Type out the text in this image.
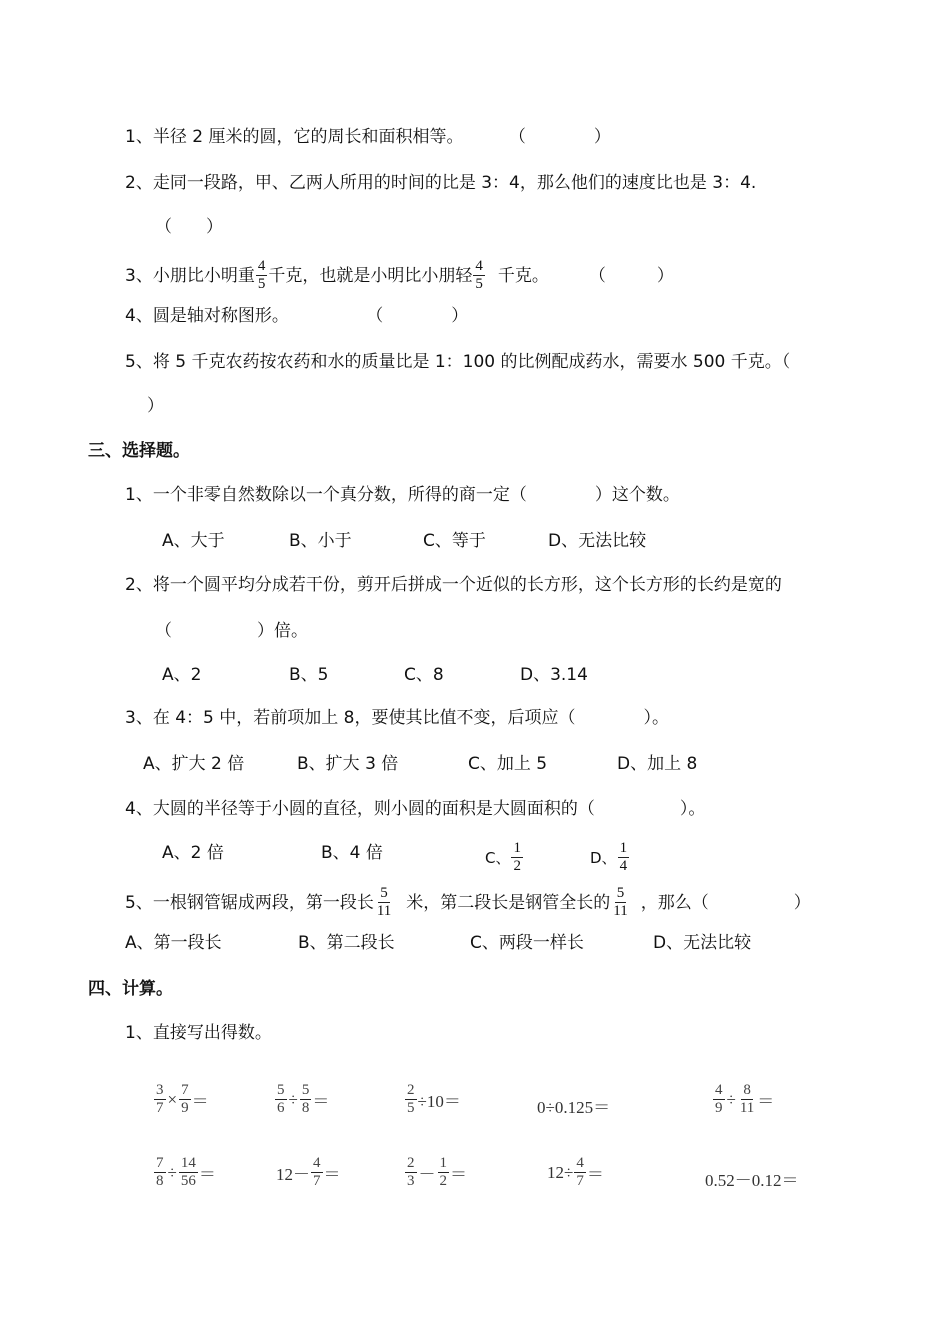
1、半径 2 厘米的圆，它的周长和面积相等。	（　　　　）
2、走同一段路，甲、乙两人所用的时间的比是 3：4，那么他们的速度比也是 3：4.
（　　）
3、小朋比小明重 $\frac{4}{5}$ 千克，也就是小明比小朋轻 $\frac{4}{5}$ 千克。 （　　　）
4、圆是轴对称图形。	（　　　　）
5、将 5 千克农药按农药和水的质量比是 1：100 的比例配成药水，需要水 500 千克。（
）
三、选择题。
1、一个非零自然数除以一个真分数，所得的商一定（　　　　）这个数。
A、大于	B、小于	C、等于	D、无法比较
2、将一个圆平均分成若干份，剪开后拼成一个近似的长方形，这个长方形的长约是宽的
（　　　　　）倍。
A、2	B、5	C、8	D、3.14
3、在 4：5 中，若前项加上 8，要使其比值不变，后项应（　　　　）。
A、扩大 2 倍	B、扩大 3 倍	C、加上 5	D、加上 8
4、大圆的半径等于小圆的直径，则小圆的面积是大圆面积的（　　　　　）。
A、2 倍	B、4 倍	C、 $\frac{1}{2}$	D、 $\frac{1}{4}$
5、一根钢管锯成两段，第一段长 $\frac{5}{11}$ 米，第二段长是钢管全长的 $\frac{5}{11}$ ，那么（　　　　　）
A、第一段长	B、第二段长	C、两段一样长	D、无法比较
四、计算。
1、直接写出得数。
$\frac{3}{7} \times \frac{7}{9}$ ＝	$\frac{5}{6} \div \frac{5}{8}$ ＝	$\frac{2}{5} \div 10=$	0÷0.125＝	$\frac{4}{9} \div \frac{8}{11}$ ＝
$\frac{7}{8} \div \frac{14}{56}$ ＝	$12- \frac{4}{7}$ ＝	$\frac{2}{3} - \frac{1}{2}$ ＝	$12\div \frac{4}{7}$ ＝	0.52－0.12＝
